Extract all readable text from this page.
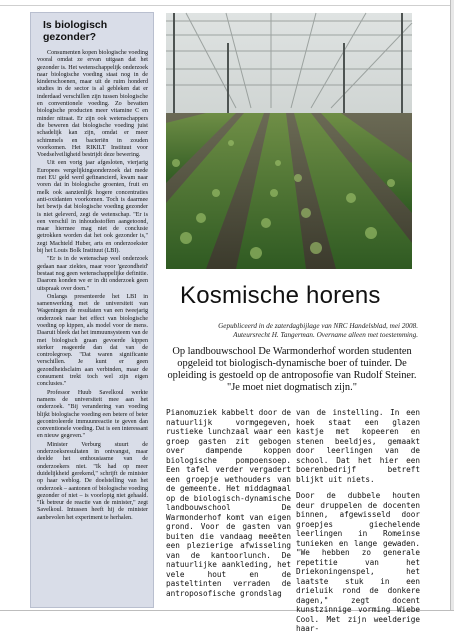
Is biologisch gezonder?

Consumenten kopen biologische voeding vooral omdat ze ervan uitgaan dat het gezonder is. Het wetenschappelijk onderzoek naar biologische voeding staat nog in de kinderschoenen, maar uit de ruim honderd studies in de sector is al gebleken dat er inderdaad verschillen zijn tussen biologische en conventionele voeding. Zo bevatten biologische producten meer vitamine C en minder nitraat. Er zijn ook wetenschappers die beweren dat biologische voeding juist schadelijk kan zijn, omdat er meer schimmels en bacteriën in zouden voorkomen. Het RIKILT Instituut voor Voedselveiligheid bestrijdt deze bewering.

Uit een vorig jaar afgesloten, vierjarig Europees vergelijkingsonderzoek dat mede met EU geld werd gefinancierd, kwam naar voren dat in biologische groenten, fruit en melk ook aanzienlijk hogere concentraties anti-oxidanten voorkomen. Toch is daarmee het bewijs dat biologische voeding gezonder is niet geleverd, zegt de wetenschap. "Er is een verschil in inhoudsstoffen aangetoond, maar hiermee mag niet de conclusie getrokken worden dat het ook gezonder is," zegt Machteld Huber, arts en onderzoekster bij het Louis Bolk Instituut (LBI).

"Er is in de wetenschap veel onderzoek gedaan naar ziektes, maar voor 'gezondheid' bestaat nog geen wetenschappelijke definitie. Daarom konden we er in dit onderzoek geen uitspraak over doen."

Onlangs presenteerde het LBI in samenwerking met de universiteit van Wageningen de resultaten van een tweejarig onderzoek naar het effect van biologische voeding op kippen, als model voor de mens. Daaruit bleek dat het immuunsysteem van de met biologisch graan gevoerde kippen sterker reageerde dan dat van de controlegroep. "Dat waren significante verschillen. Je kunt er geen gezondheidsclaim aan verbinden, maar de consument trekt toch wel zijn eigen conclusies."

Professor Huub Savelkoul werkte namens de universiteit mee aan het onderzoek. "Bij verandering van voeding blijkt biologische voeding een betere of beter gecontroleerde immuunreactie te geven dan conventionele voeding. Dat is een interessant en nieuw gegeven."

Minister Verburg stuurt de onderzoeksresultaten in ontvangst, maar deelde het enthousiasme van de onderzoekers niet. "Ik had op meer duidelijkheid gerekend," schrijft de minister op haar weblog. De doelstelling van het onderzoek – aantonen of biologische voeding gezonder of niet – is voorlopig niet gehaald. "Ik betreur de reactie van de minister," zegt Savelkoul. Intussen heeft hij de minister aanbevolen het experiment te herhalen.

Kosmische horens
Gepubliceerd in de zaterdagbijlage van NRC Handelsblad, mei 2008.
Auteursrecht H. Tangerman. Overname alleen met toestemming.

Op landbouwschool De Warmonderhof worden studenten opgeleid tot biologisch-dynamische boer of tuinder. De opleiding is gestoeld op de antroposofie van Rudolf Steiner. "Je moet niet dogmatisch zijn."

Pianomuziek kabbelt door de natuurlijk vormgegeven, rustieke lunchzaal waar een groep gasten zit gebogen over dampende koppen biologische pompoensoep. Een tafel verder vergadert een groepje wethouders van de gemeente. Het middagmaal op de biologisch-dynamische landbouwschool De Warmonderhof komt van eigen grond. Voor de gasten van buiten die vandaag meeëten een plezierige afwisseling van de kantoorlunch. De natuurlijke aankleding, het vele hout en de pasteltinten verraden de antroposofische grondslag

van de instelling. In een hoek staat een glazen kastje met kopeeren en stenen beeldjes, gemaakt door leerlingen van de school. Dat het hier een boerenbedrijf betreft blijkt uit niets.

Door de dubbele houten deur druppelen de docenten binnen, afgewisseld door groepjes giechelende leerlingen in Romeinse tunieken en lange gewaden. "We hebben zo generale repetitie van het Driekoningenspel, het laatste stuk in een drieluik rond de donkere dagen," zegt docent kunstzinnige vorming Wiebe Cool. Met zijn weelderige haar-
